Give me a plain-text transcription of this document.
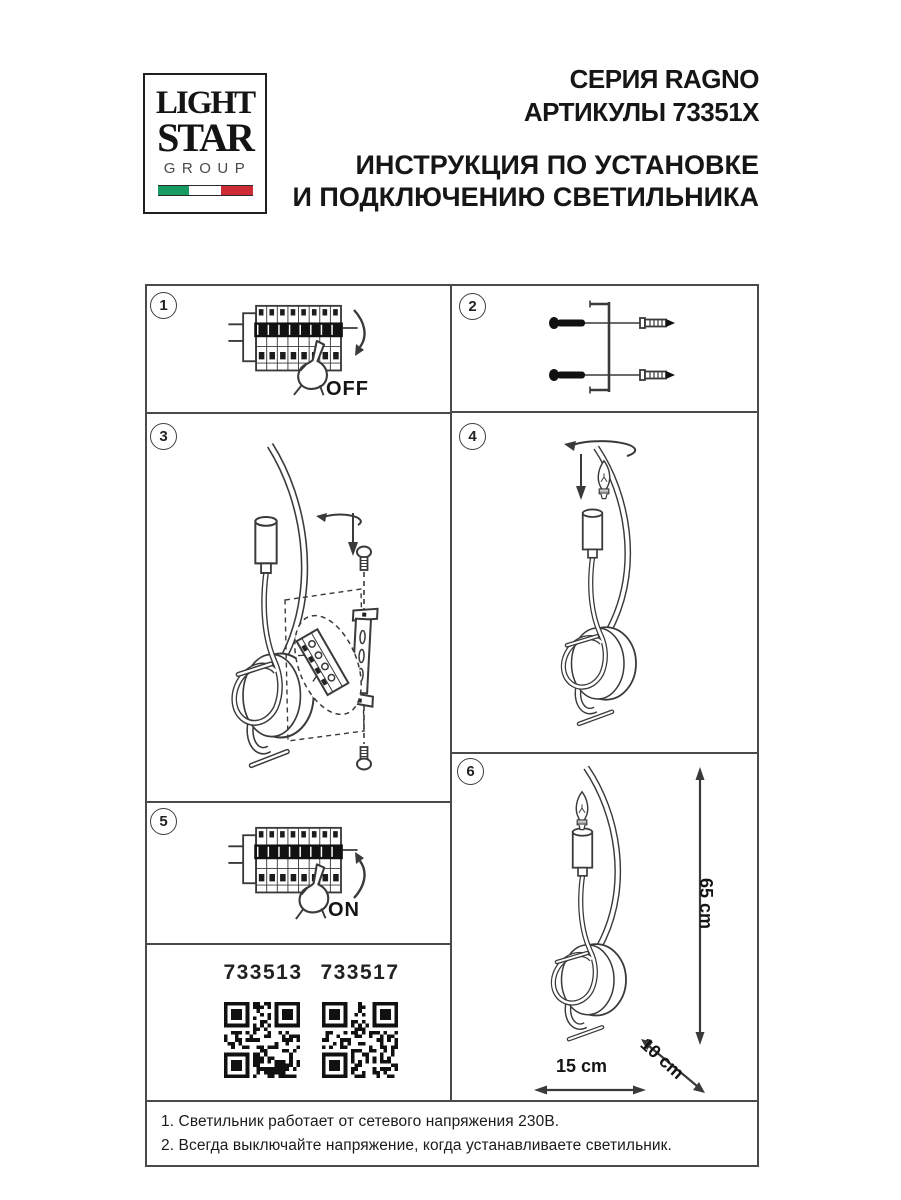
LIGHT
STAR
GROUP
СЕРИЯ RAGNO
АРТИКУЛЫ 73351X
ИНСТРУКЦИЯ ПО УСТАНОВКЕ
И ПОДКЛЮЧЕНИЮ СВЕТИЛЬНИКА
1	2
3	4
5
6
OFF
ON
733513 733517
65 cm
15 cm 10 cm
1. Светильник работает от сетевого напряжения 230В.
2. Всегда выключайте напряжение, когда устанавливаете светильник.
